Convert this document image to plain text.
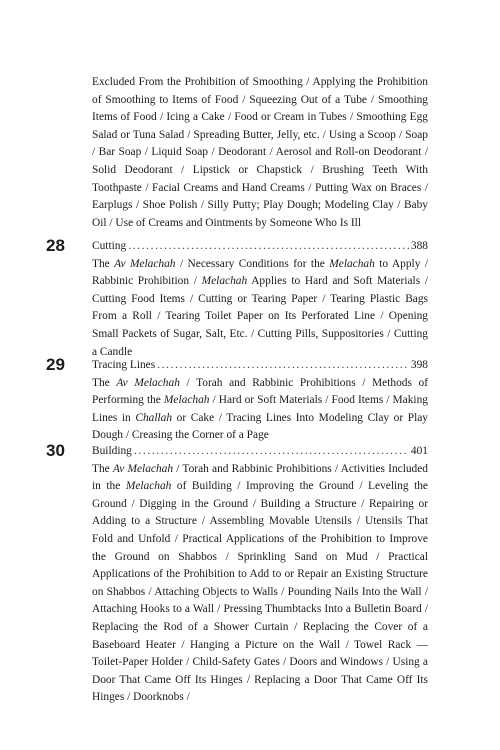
Excluded From the Prohibition of Smoothing / Applying the Prohibition of Smoothing to Items of Food / Squeezing Out of a Tube / Smoothing Items of Food / Icing a Cake / Food or Cream in Tubes / Smoothing Egg Salad or Tuna Salad / Spreading Butter, Jelly, etc. / Using a Scoop / Soap / Bar Soap / Liquid Soap / Deodorant / Aerosol and Roll-on Deodorant / Solid Deodorant / Lipstick or Chapstick / Brushing Teeth With Toothpaste / Facial Creams and Hand Creams / Putting Wax on Braces / Earplugs / Shoe Polish / Silly Putty; Play Dough; Modeling Clay / Baby Oil / Use of Creams and Ointments by Someone Who Is Ill

28	Cutting . . .	388
The Av Melachah / Necessary Conditions for the Melachah to Apply / Rabbinic Prohibition / Melachah Applies to Hard and Soft Materials / Cutting Food Items / Cutting or Tearing Paper / Tearing Plastic Bags From a Roll / Tearing Toilet Paper on Its Perforated Line / Opening Small Packets of Sugar, Salt, Etc. / Cutting Pills, Suppositories / Cutting a Candle
29	Tracing Lines . . .	398
The Av Melachah / Torah and Rabbinic Prohibitions / Methods of Performing the Melachah / Hard or Soft Materials / Food Items / Making Lines in Challah or Cake / Tracing Lines Into Modeling Clay or Play Dough / Creasing the Corner of a Page
30	Building . . .	401
The Av Melachah / Torah and Rabbinic Prohibitions / Activities Included in the Melachah of Building / Improving the Ground / Leveling the Ground / Digging in the Ground / Building a Structure / Repairing or Adding to a Structure / Assembling Movable Utensils / Utensils That Fold and Unfold / Practical Applications of the Prohibition to Improve the Ground on Shabbos / Sprinkling Sand on Mud / Practical Applications of the Prohibition to Add to or Repair an Existing Structure on Shabbos / Attaching Objects to Walls / Pounding Nails Into the Wall / Attaching Hooks to a Wall / Pressing Thumbtacks Into a Bulletin Board / Replacing the Rod of a Shower Curtain / Replacing the Cover of a Baseboard Heater / Hanging a Picture on the Wall / Towel Rack — Toilet-Paper Holder / Child-Safety Gates / Doors and Windows / Using a Door That Came Off Its Hinges / Replacing a Door That Came Off Its Hinges / Doorknobs /
